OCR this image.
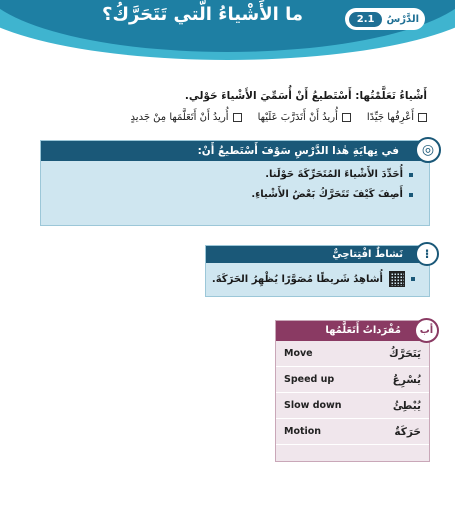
الدَّرْسُ
2.1
ما الأَشْياءُ الَّتي تَتَحَرَّكُ؟
أَشْياءُ تَعَلَّمْتُها: أَسْتَطيعُ أَنْ أُسَمِّيَ الأَشْياءَ حَوْلي.
أَعْرِفُها جَيِّدًا
أُريدُ أَنْ أَتَدَرَّبَ عَلَيْها
أُريدُ أَنْ أَتَعَلَّمَها مِنْ جَديدٍ
في نِهايَةِ هٰذا الدَّرْسِ سَوْفَ أَسْتَطيعُ أَنْ:	◎
أُحَدِّدَ الأَشْياءَ المُتَحَرِّكَةَ حَوْلَنا.
أَصِفَ كَيْفَ تَتَحَرَّكُ بَعْضُ الأَشْياءِ.
نَشاطٌ افْتِتاحِيٌّ	⁝
أُشاهِدُ شَريطًا مُصَوَّرًا يُظْهِرُ الحَرَكَةَ.
مُفْرَداتُ أَتَعَلَّمُها	أب
Move	يَتَحَرَّكُ
Speed up	يُسْرِعُ
Slow down	يُبْطِئُ
Motion	حَرَكَةٌ
